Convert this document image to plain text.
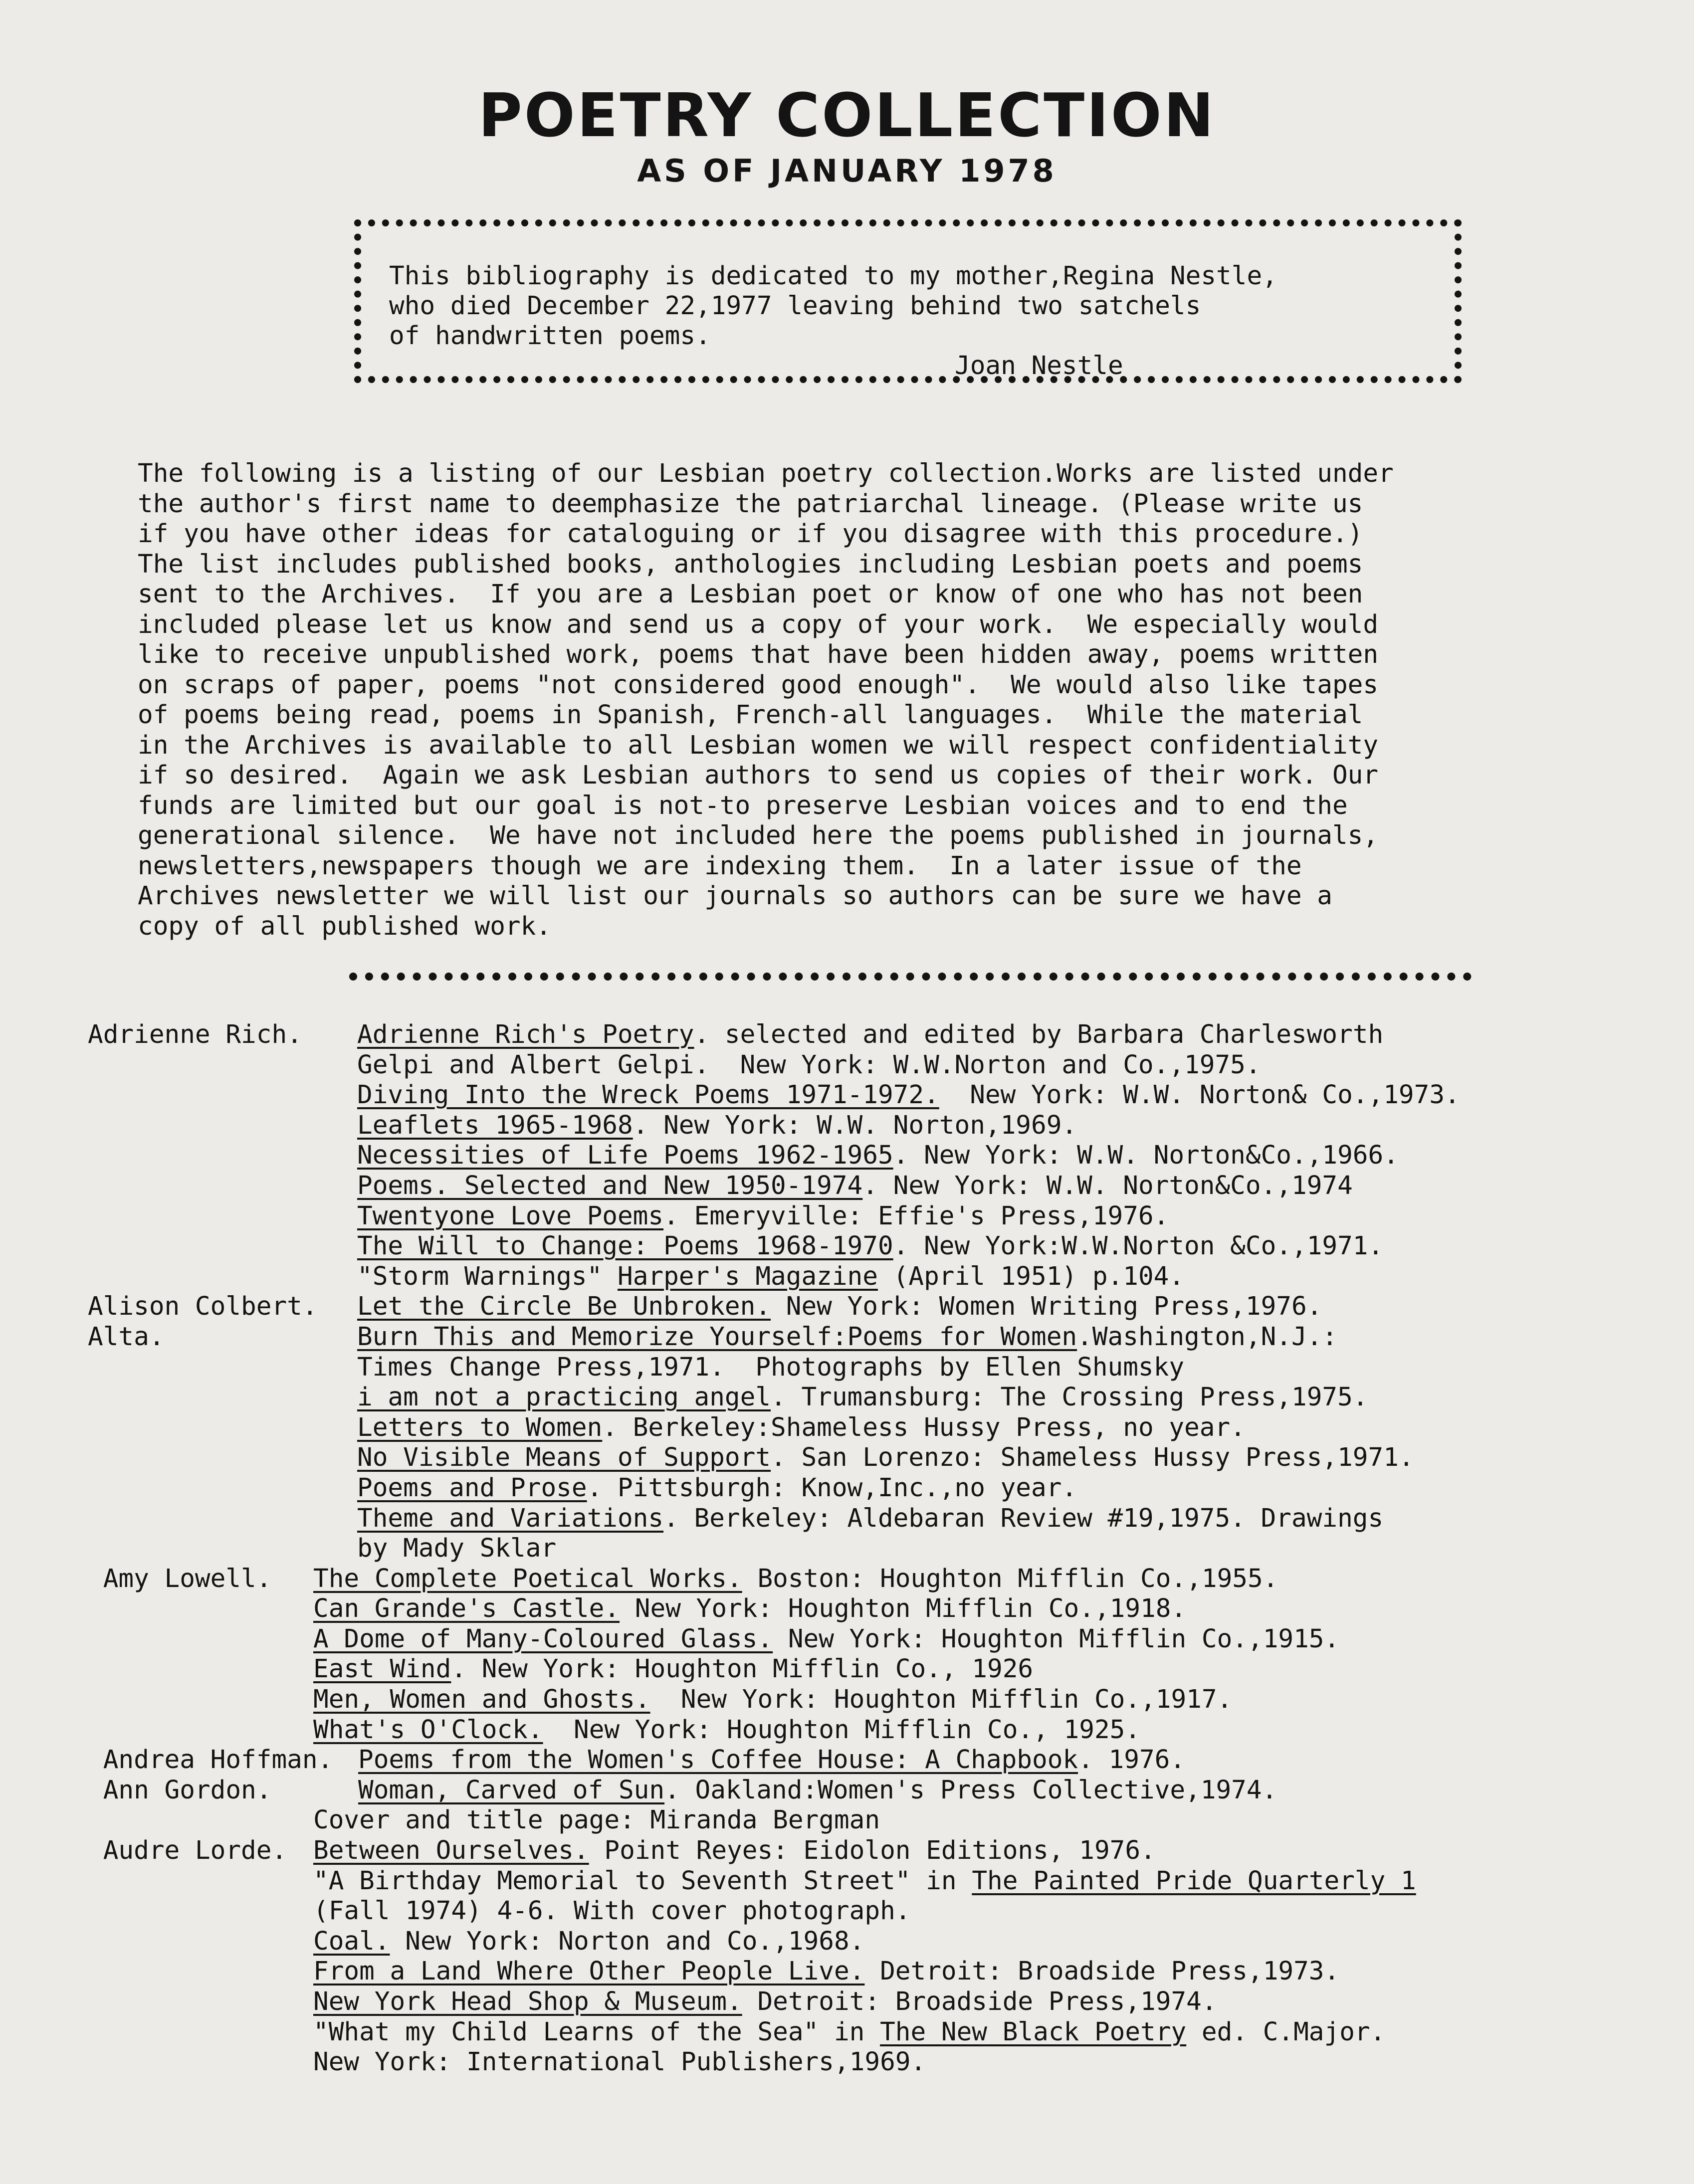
POETRY COLLECTION
AS OF JANUARY 1978
This bibliography is dedicated to my mother,Regina Nestle,
who died December 22,1977 leaving behind two satchels
of handwritten poems.
Joan Nestle
The following is a listing of our Lesbian poetry collection.Works are listed under
the author's first name to deemphasize the patriarchal lineage. (Please write us
if you have other ideas for cataloguing or if you disagree with this procedure.)
The list includes published books, anthologies including Lesbian poets and poems
sent to the Archives.  If you are a Lesbian poet or know of one who has not been
included please let us know and send us a copy of your work.  We especially would
like to receive unpublished work, poems that have been hidden away, poems written
on scraps of paper, poems "not considered good enough".  We would also like tapes
of poems being read, poems in Spanish, French-all languages.  While the material
in the Archives is available to all Lesbian women we will respect confidentiality
if so desired.  Again we ask Lesbian authors to send us copies of their work. Our
funds are limited but our goal is not-to preserve Lesbian voices and to end the
generational silence.  We have not included here the poems published in journals,
newsletters,newspapers though we are indexing them.  In a later issue of the
Archives newsletter we will list our journals so authors can be sure we have a
copy of all published work.
Adrienne Rich. Adrienne Rich's Poetry. selected and edited by Barbara Charlesworth
Gelpi and Albert Gelpi.  New York: W.W.Norton and Co.,1975.
Diving Into the Wreck Poems 1971-1972.  New York: W.W. Norton& Co.,1973.
Leaflets 1965-1968. New York: W.W. Norton,1969.
Necessities of Life Poems 1962-1965. New York: W.W. Norton&Co.,1966.
Poems. Selected and New 1950-1974. New York: W.W. Norton&Co.,1974
Twentyone Love Poems. Emeryville: Effie's Press,1976.
The Will to Change: Poems 1968-1970. New York:W.W.Norton &Co.,1971.
"Storm Warnings" Harper's Magazine (April 1951) p.104.
Alison Colbert. Let the Circle Be Unbroken. New York: Women Writing Press,1976.
Alta.	Burn This and Memorize Yourself:Poems for Women.Washington,N.J.:
Times Change Press,1971.  Photographs by Ellen Shumsky
i am not a practicing angel. Trumansburg: The Crossing Press,1975.
Letters to Women. Berkeley:Shameless Hussy Press, no year.
No Visible Means of Support. San Lorenzo: Shameless Hussy Press,1971.
Poems and Prose. Pittsburgh: Know,Inc.,no year.
Theme and Variations. Berkeley: Aldebaran Review #19,1975. Drawings
by Mady Sklar
Amy Lowell. The Complete Poetical Works. Boston: Houghton Mifflin Co.,1955.
Can Grande's Castle. New York: Houghton Mifflin Co.,1918.
A Dome of Many-Coloured Glass. New York: Houghton Mifflin Co.,1915.
East Wind. New York: Houghton Mifflin Co., 1926
Men, Women and Ghosts.  New York: Houghton Mifflin Co.,1917.
What's O'Clock.  New York: Houghton Mifflin Co., 1925.
Andrea Hoffman. Poems from the Women's Coffee House: A Chapbook. 1976.
Ann Gordon.	Woman, Carved of Sun. Oakland:Women's Press Collective,1974.
Cover and title page: Miranda Bergman
Audre Lorde. Between Ourselves. Point Reyes: Eidolon Editions, 1976.
"A Birthday Memorial to Seventh Street" in The Painted Pride Quarterly 1
(Fall 1974) 4-6. With cover photograph.
Coal. New York: Norton and Co.,1968.
From a Land Where Other People Live. Detroit: Broadside Press,1973.
New York Head Shop & Museum. Detroit: Broadside Press,1974.
"What my Child Learns of the Sea" in The New Black Poetry ed. C.Major.
New York: International Publishers,1969.
